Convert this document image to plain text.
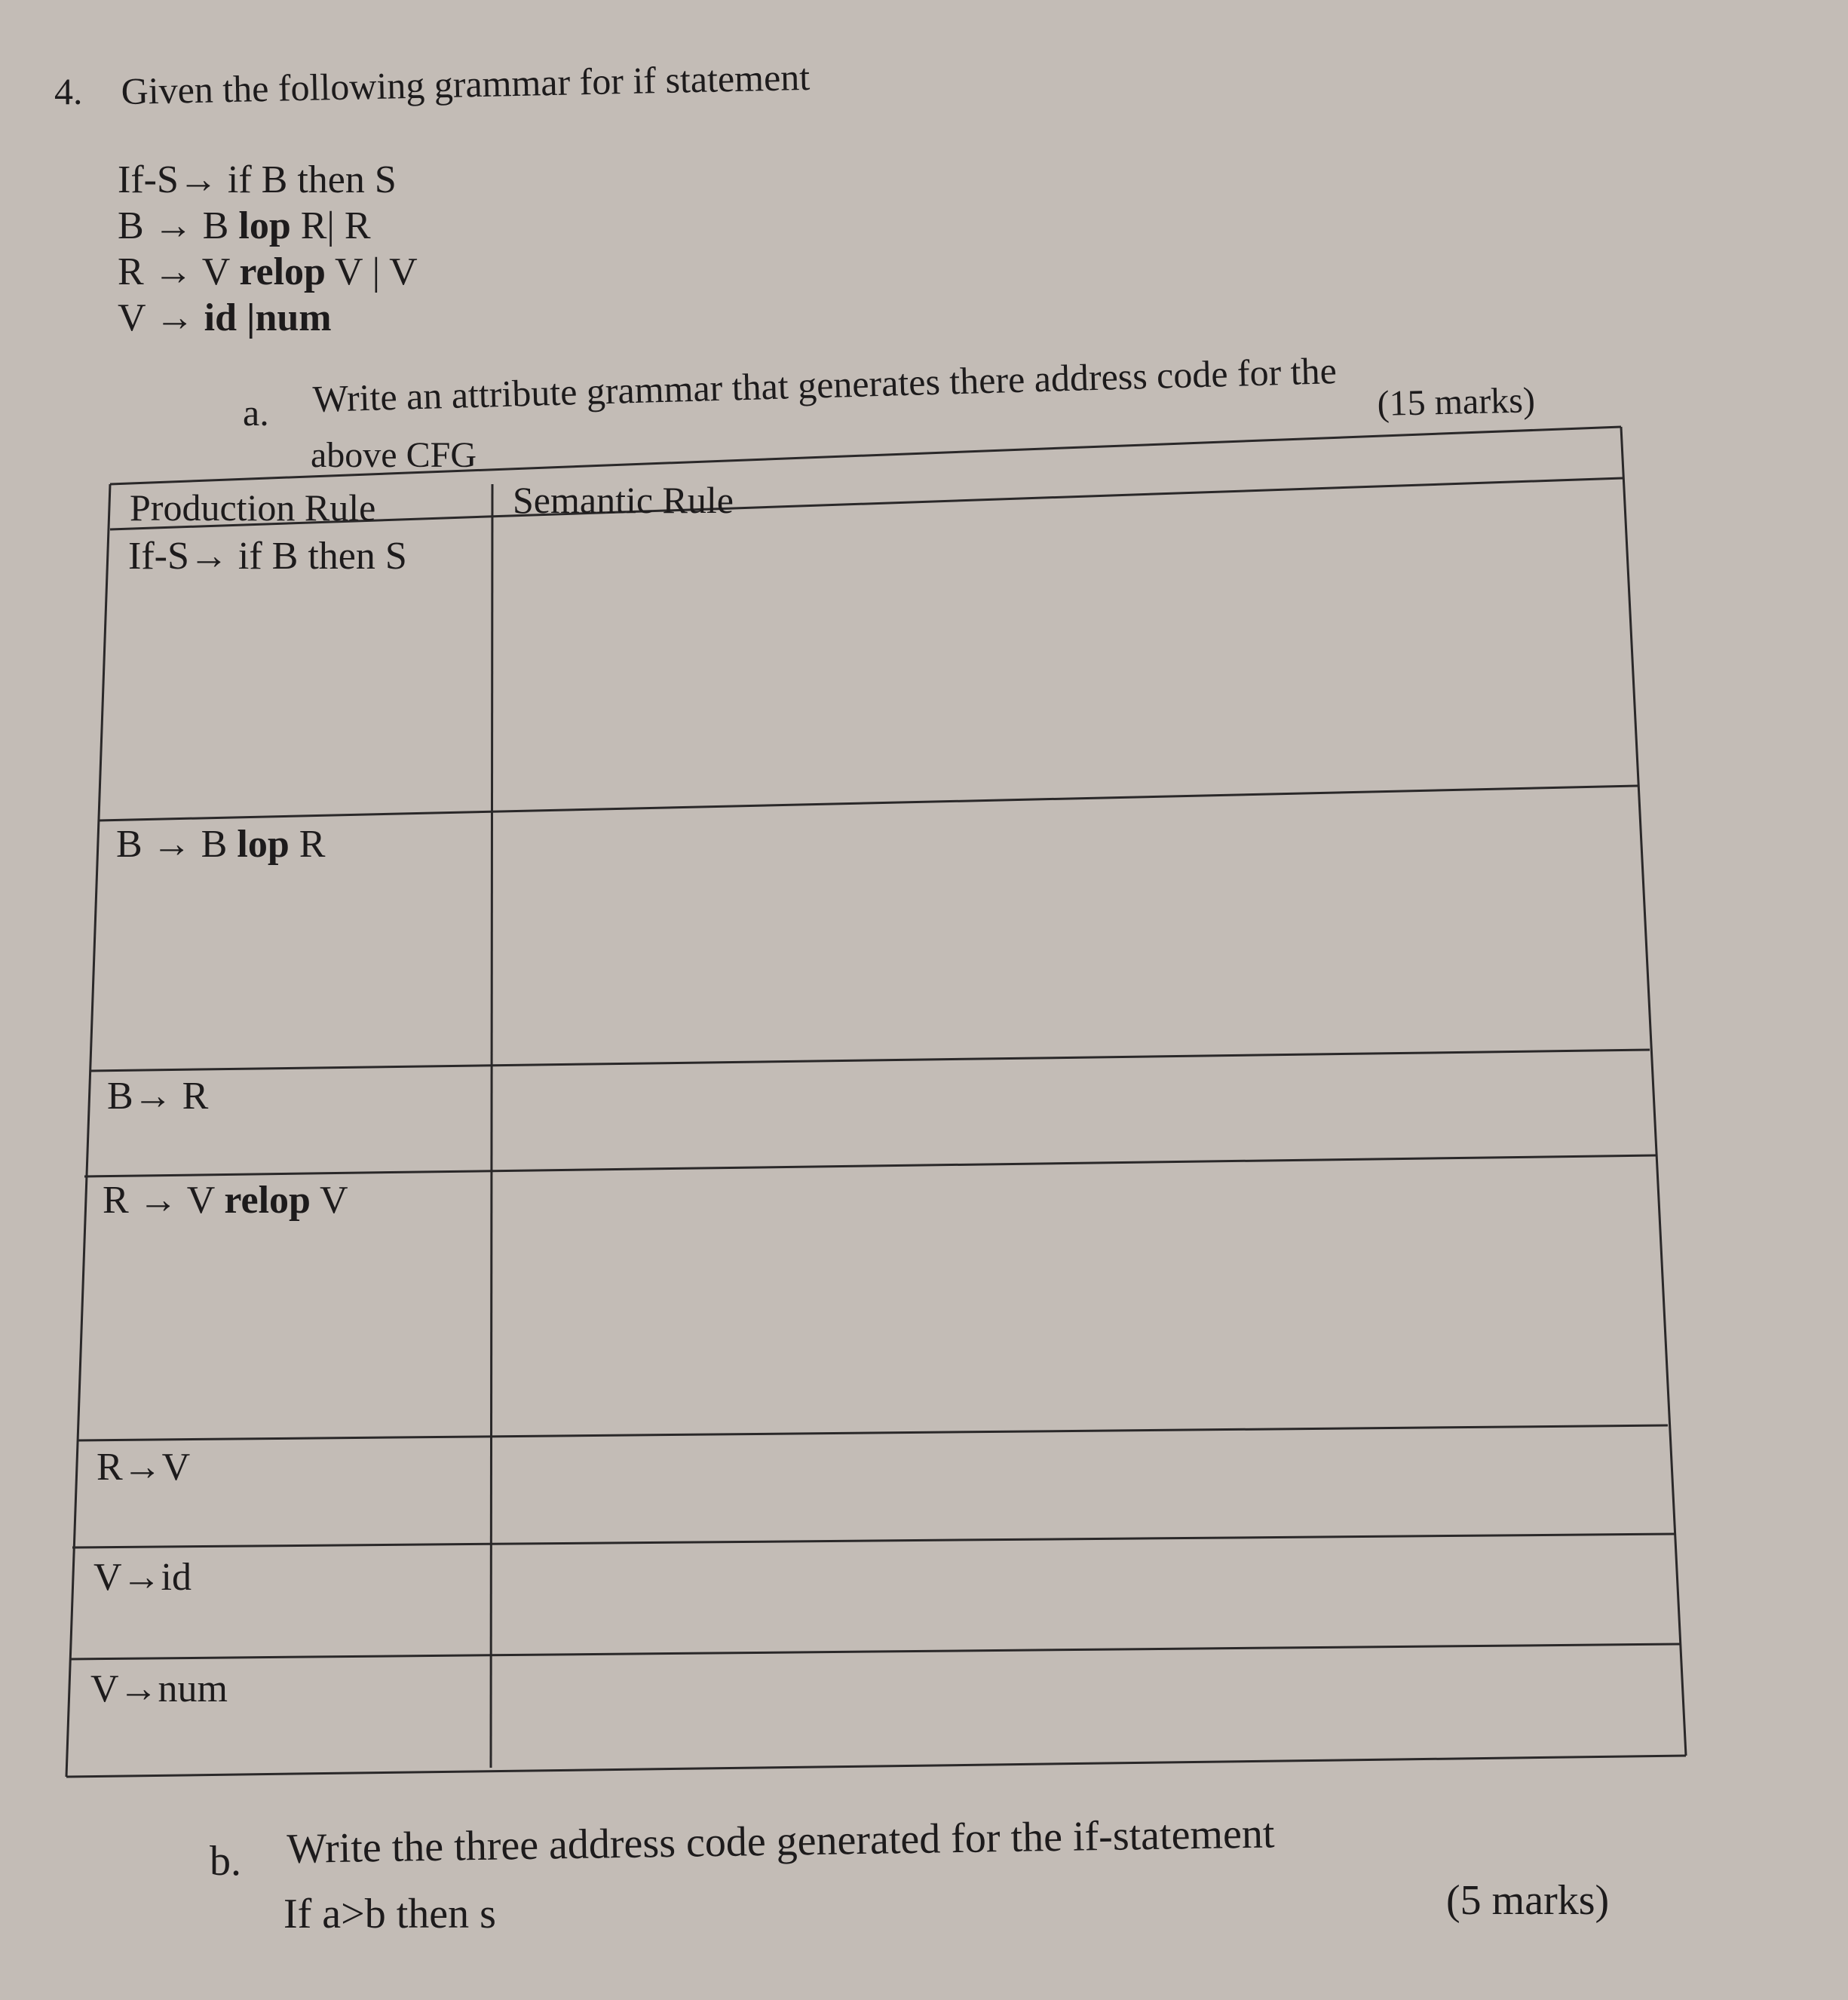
4. Given the following grammar for if statement
If-S→ if B then S
B → B lop R| R
R → V relop V | V
V → id |num
a. Write an attribute grammar that generates there address code for the
above CFG
(15 marks)
Production Rule	Semantic Rule
If-S→ if B then S
B → B lop R
B→ R
R → V relop V
R→V
V→id
V→num
b. Write the three address code generated for the if-statement
If a>b then s	(5 marks)
